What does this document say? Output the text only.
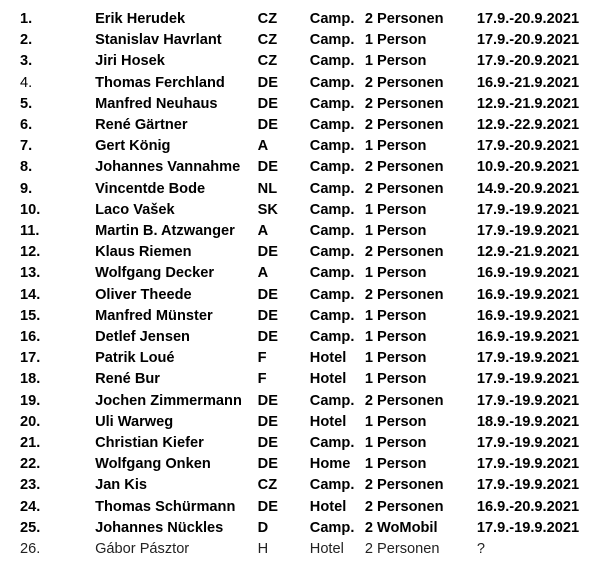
1.	Erik Herudek	CZ	Camp.	2 Personen	17.9.-20.9.2021
2.	Stanislav Havrlant	CZ	Camp.	1 Person	17.9.-20.9.2021
3.	Jiri Hosek	CZ	Camp.	1 Person	17.9.-20.9.2021
4.	Thomas Ferchland	DE	Camp.	2 Personen	16.9.-21.9.2021
5.	Manfred Neuhaus	DE	Camp.	2 Personen	12.9.-21.9.2021
6.	René Gärtner	DE	Camp.	2 Personen	12.9.-22.9.2021
7.	Gert König	A	Camp.	1 Person	17.9.-20.9.2021
8.	Johannes Vannahme	DE	Camp.	2 Personen	10.9.-20.9.2021
9.	Vincentde Bode	NL	Camp.	2 Personen	14.9.-20.9.2021
10.	Laco Vašek	SK	Camp.	1 Person	17.9.-19.9.2021
11.	Martin B. Atzwanger	A	Camp.	1 Person	17.9.-19.9.2021
12.	Klaus Riemen	DE	Camp.	2 Personen	12.9.-21.9.2021
13.	Wolfgang Decker	A	Camp.	1 Person	16.9.-19.9.2021
14.	Oliver Theede	DE	Camp.	2 Personen	16.9.-19.9.2021
15.	Manfred Münster	DE	Camp.	1 Person	16.9.-19.9.2021
16.	Detlef Jensen	DE	Camp.	1 Person	16.9.-19.9.2021
17.	Patrik Loué	F	Hotel	1 Person	17.9.-19.9.2021
18.	René Bur	F	Hotel	1 Person	17.9.-19.9.2021
19.	Jochen Zimmermann	DE	Camp.	2 Personen	17.9.-19.9.2021
20.	Uli Warweg	DE	Hotel	1 Person	18.9.-19.9.2021
21.	Christian Kiefer	DE	Camp.	1 Person	17.9.-19.9.2021
22.	Wolfgang Onken	DE	Home	1 Person	17.9.-19.9.2021
23.	Jan Kis	CZ	Camp.	2 Personen	17.9.-19.9.2021
24.	Thomas Schürmann	DE	Hotel	2 Personen	16.9.-20.9.2021
25.	Johannes Nückles	D	Camp.	2 WoMobil	17.9.-19.9.2021
26.	Gábor Pásztor	H	Hotel	2 Personen	?
